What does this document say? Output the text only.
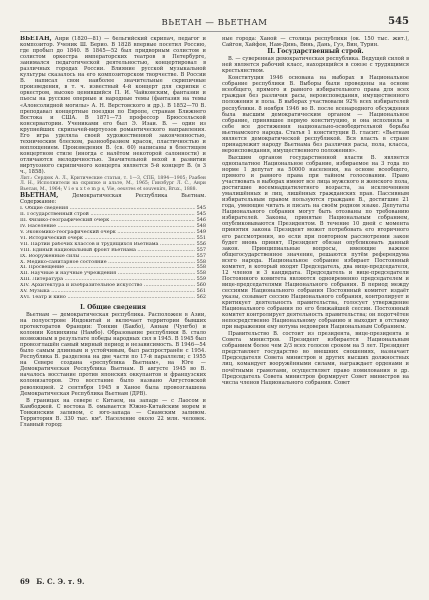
ВЬЕТАН — ВЬЕТНАМ	545

ВЬЕТАН, Анри (1820—81) — бельгийский скрипач, педагог и композитор. Ученик Ш. Берио. В 1828 впервые посетил Россию, где пробыл до 1840. В 1845—52 был придворным солистом и солистом оркестра императорских театров в Петербурге, занимался педагогической деятельностью, концертировал в различных городах России. Влияние русской музыкальной культуры сказалось на его композиторском творчестве. В России В. написал свои наиболее значительные скрипичные произведения, в т. ч. известный 4-й концерт для скрипки с оркестром, высоко ценившийся П. И. Чайковским, фантазии и пьесы на русские оперные и народные темы (фантазия на темы «Алонсолидной могилы» А. Н. Верстовского и др.). В 1852—70 В. преподавал концертные поездки по Европе, странам Ближнего Востока и США. В 1871—73 профессор Брюссельской консерватории. Учениками его был Э. Изаи. В. — один из крупнейших скрипачей-виртуозов романтического направления. Его игра уделяла своей художественной законченностью, техническим блеском, разнообразием красок, пластичностью и воплощением. Произведения В. (св. 60) написаны в блестящем концертном стиле (иногда с налётом некоторой салонности) и отличаются мелодичностью. Значительной вехой в развитии виртуозного скрипичного концерта является 5-й концерт В. (в 3 ч., 1858).

Лит.: Сердюк А. Л., Критические статьи, т. 1—3, СПБ, 1894—1905; Раабен Л. Н., Исполнители на скрипке и альте, М., 1965; Гинзбург Л. С., Анри Вьетан, М., 1964; V i e u x t e m p s, Vie, oeuvres et souvenirs, Brux., 1888.

ВЬЕТНАМ,	Демократическая Республика Вьетнам. Содержание:

I. Общие сведения .....	545
II. Государственный строй .....	545
III. Физико-географический очерк .....	546
IV. Население .....	548
V. Экономико-географический очерк .....	549
VI. Исторический очерк .....	551
VII. Партии рабочих классов и трудящихся Вьетнама .....	556
VIII. Единый национальный фронт Вьетнама .....	557
IX. Вооружённые силы .....	557
X. Медико-санитарное состояние .....	558
XI. Просвещение .....	558
XII. Научные и научные учреждения .....	558
XIII. Литература .....	559
XIV. Архитектура и изобразительное искусство .....	560
XV. Музыка .....	561
XVI. Театр и кино .....	562

I. Общие сведения

Вьетнам — демократическая республика. Расположен в Азии, на полуострове Индокитай и включает территории бывших протекторатов Франции: Тонкин (Бакбо), Аннам (Чунгбо) и колонии Кохинхины (Намбо). Образование республики В. стало возможным в результате победы народных сил в 1945. В 1945 был провозглашён самый мирный период и независимость. В 1946—54 было самым длинным и устойчивым, был распространён с 1954. Республика В. разделена на две части по 17-й параллели; с 1955 на Севере создана «республика Вьетнам», на Юге — Демократическая Республика Вьетнам. В августе 1945 во В. началось восстание против японских оккупантов и французских колонизаторов. Это восстание было названо Августовской революцией. 2 сентября 1945 в Ханое была провозглашена Демократическая Республика Вьетнам (ДРВ).

В границах на севере с Китаем, на западе — с Лаосом и Камбоджей. С востока В. омывается Южно-Китайским морем и Тонкинским заливом, с юго-запада — Сиамским заливом. Территория В. 330 тыс. км². Население около 22 млн. человек. Главный город:

ные города: Ханой — столица республики (ок. 150 тыс. жит.), Сайгон, Хайфон, Нам-Динь, Винь, Дань, Гуэ, Вин, Турин.

II. Государственный строй.

В. — суверенная демократическая республика. Ведущей силой в ней является рабочий класс, находящийся в союзе с трудящимся крестьянством.

Конституция 1946 основана на выборах в Национальное собрание республики В. Выборы были проведены на основе всеобщего, прямого и равного избирательного права для всех граждан без различия расы, вероисповедания, имущественного положения и пола. В выборах участвовали 92% всех избирателей республики. 8 ноября 1946 во В. после всенародного обсуждения была высшим демократическим органом — Национальное собрание, принявшее первую конституцию, и она исполнила в себе все достижения национально-освободительной борьбы вьетнамского народа. Статья 1 конституции В. гласит: «Вьетнам является демократической республикой. Вся власть в стране принадлежит народу Вьетнама без различия расы, пола, класса, вероисповедания, имущественного положения».

Высшим органом государственной власти В. является однопалатное Национальное собрание, избираемое на 3 года по норме 1 депутат на 50000 населения, на основе всеобщего, прямого и равного права при тайном голосовании. Право участвовать в выборах имеют все лица мужского и женского пола, достигшие восемнадцатилетнего возраста, за исключением умалишённых и лиц, лишённых гражданских прав. Пассивным избирательным правом пользуются граждане В., достигшие 21 года, умеющие читать и писать на своём родном языке. Депутаты Национального собрания могут быть отозваны по требованию избирателей. Законы, принятые Национальным собранием, опубликовываются Президентом. В течение 10 дней с момента принятия закона Президент может потребовать его вторичного его рассмотрения, но если при повторном рассмотрении закон будет вновь принят, Президент обязан опубликовать данный закон. Принципиальные вопросы, имеющие важное общегосударственное значение, решаются путём референдума всего народа. Национальное собрание избирает Постоянный комитет, в который входят Председатель, два вице-председателя, 12 членов и 3 кандидата. Председатель и вице-председатели Постоянного комитета являются одновременно председателем и вице-председателями Национального собрания. В период между сессиями Национального собрания Постоянный комитет издаёт указы, созывает сессию Национального собрания, контролирует и критикует деятельность правительства, голосует утверждение Национального собрания по его ближайшей сессии. Постоянный комитет контролирует деятельность правительства; он подотчётен непосредственно Национальному собранию и выходит в отставку при выражении ему вотума недоверия Национальным Собранием.

Правительство В. состоит из президента, вице-президента и Совета министров. Президент избирается Национальным собранием более чем 2/3 всех голосов сроком на 5 лет. Президент представляет государство во внешних сношениях, назначает Председателя Совета министров и других высших должностных лиц, командует вооружёнными силами, награждает орденами и почётными грамотами, осуществляет право помилования и др. Председатель Совета министров формирует Совет министров на числа членов Национального собрания. Совет

69 Б. С. Э. т. 9.
